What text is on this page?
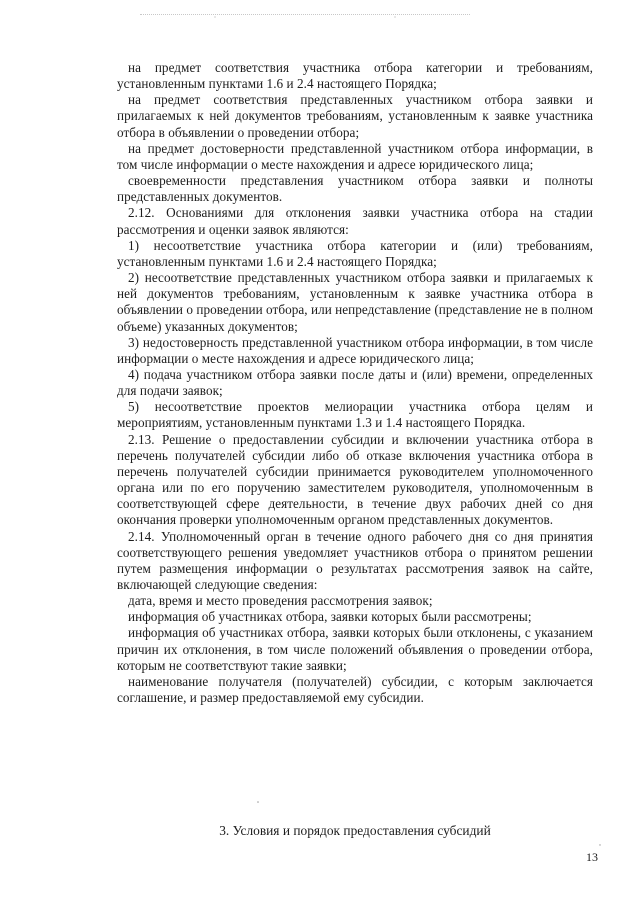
на предмет соответствия участника отбора категории и требованиям, установленным пунктами 1.6 и 2.4 настоящего Порядка;

на предмет соответствия представленных участником отбора заявки и прилагаемых к ней документов требованиям, установленным к заявке участника отбора в объявлении о проведении отбора;

на предмет достоверности представленной участником отбора информации, в том числе информации о месте нахождения и адресе юридического лица;

своевременности представления участником отбора заявки и полноты представленных документов.

2.12. Основаниями для отклонения заявки участника отбора на стадии рассмотрения и оценки заявок являются:

1) несоответствие участника отбора категории и (или) требованиям, установленным пунктами 1.6 и 2.4 настоящего Порядка;

2) несоответствие представленных участником отбора заявки и прилагаемых к ней документов требованиям, установленным к заявке участника отбора в объявлении о проведении отбора, или непредставление (представление не в полном объеме) указанных документов;

3) недостоверность представленной участником отбора информации, в том числе информации о месте нахождения и адресе юридического лица;

4) подача участником отбора заявки после даты и (или) времени, определенных для подачи заявок;

5) несоответствие проектов мелиорации участника отбора целям и мероприятиям, установленным пунктами 1.3 и 1.4 настоящего Порядка.

2.13. Решение о предоставлении субсидии и включении участника отбора в перечень получателей субсидии либо об отказе включения участника отбора в перечень получателей субсидии принимается руководителем уполномоченного органа или по его поручению заместителем руководителя, уполномоченным в соответствующей сфере деятельности, в течение двух рабочих дней со дня окончания проверки уполномоченным органом представленных документов.

2.14. Уполномоченный орган в течение одного рабочего дня со дня принятия соответствующего решения уведомляет участников отбора о принятом решении путем размещения информации о результатах рассмотрения заявок на сайте, включающей следующие сведения:

дата, время и место проведения рассмотрения заявок;

информация об участниках отбора, заявки которых были рассмотрены;

информация об участниках отбора, заявки которых были отклонены, с указанием причин их отклонения, в том числе положений объявления о проведении отбора, которым не соответствуют такие заявки;

наименование получателя (получателей) субсидии, с которым заключается соглашение, и размер предоставляемой ему субсидии.

3. Условия и порядок предоставления субсидий

13
